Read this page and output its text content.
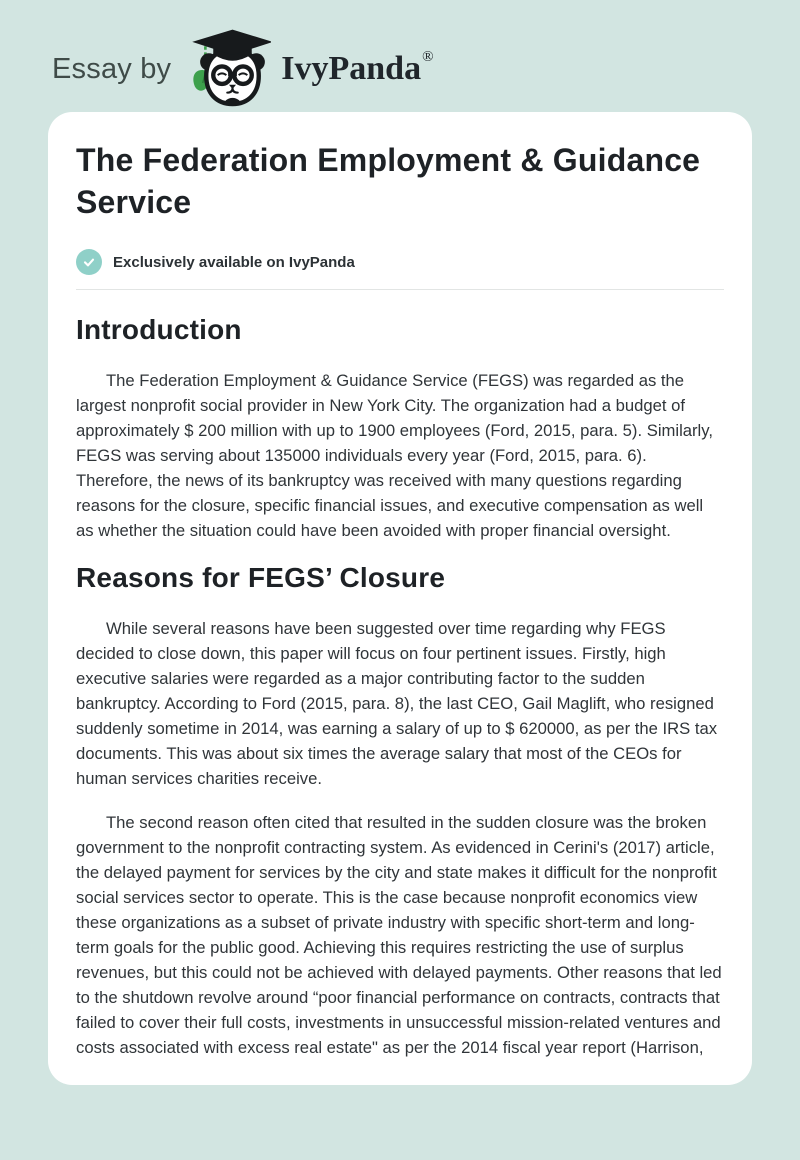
Essay by	IvyPanda®
The Federation Employment & Guidance Service
Exclusively available on IvyPanda
Introduction

The Federation Employment & Guidance Service (FEGS) was regarded as the largest nonprofit social provider in New York City. The organization had a budget of approximately $ 200 million with up to 1900 employees (Ford, 2015, para. 5). Similarly, FEGS was serving about 135000 individuals every year (Ford, 2015, para. 6). Therefore, the news of its bankruptcy was received with many questions regarding reasons for the closure, specific financial issues, and executive compensation as well as whether the situation could have been avoided with proper financial oversight.

Reasons for FEGS’ Closure

While several reasons have been suggested over time regarding why FEGS decided to close down, this paper will focus on four pertinent issues. Firstly, high executive salaries were regarded as a major contributing factor to the sudden bankruptcy. According to Ford (2015, para. 8), the last CEO, Gail Maglift, who resigned suddenly sometime in 2014, was earning a salary of up to $ 620000, as per the IRS tax documents. This was about six times the average salary that most of the CEOs for human services charities receive.

The second reason often cited that resulted in the sudden closure was the broken government to the nonprofit contracting system. As evidenced in Cerini's (2017) article, the delayed payment for services by the city and state makes it difficult for the nonprofit social services sector to operate. This is the case because nonprofit economics view these organizations as a subset of private industry with specific short-term and long-term goals for the public good. Achieving this requires restricting the use of surplus revenues, but this could not be achieved with delayed payments. Other reasons that led to the shutdown revolve around “poor financial performance on contracts, contracts that failed to cover their full costs, investments in unsuccessful mission-related ventures and costs associated with excess real estate" as per the 2014 fiscal year report (Harrison,
